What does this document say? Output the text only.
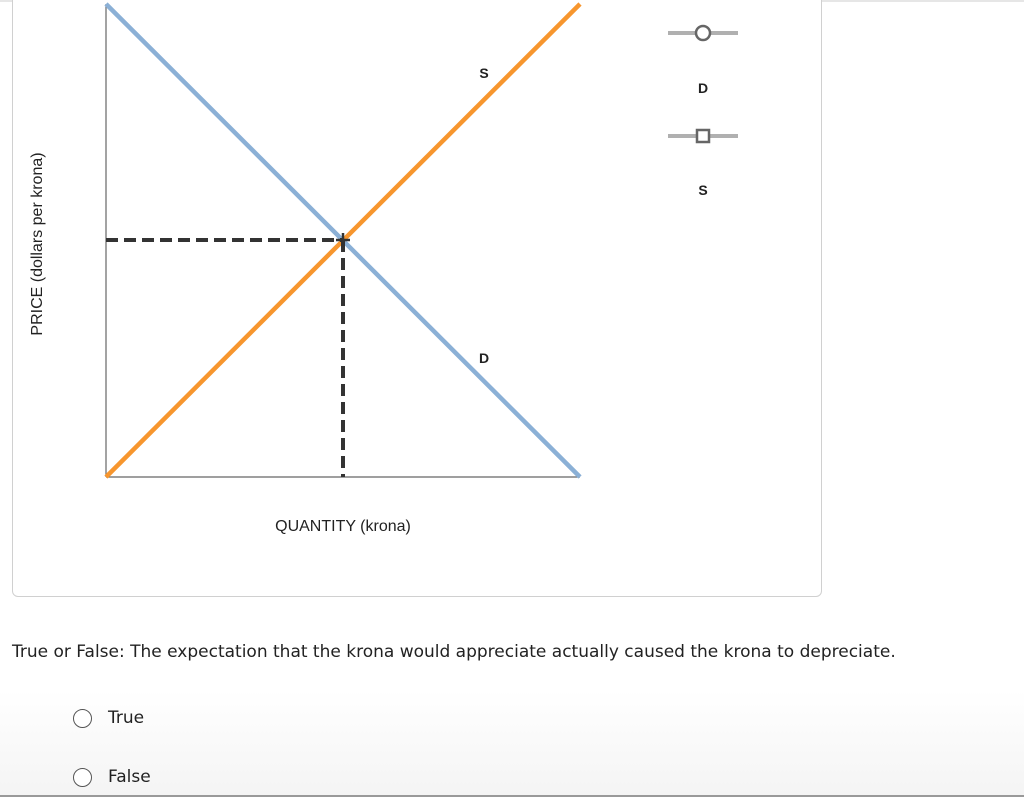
PRICE (dollars per krona)
QUANTITY (krona)
S
D
D
S
True or False: The expectation that the krona would appreciate actually caused the krona to depreciate.
True
False
